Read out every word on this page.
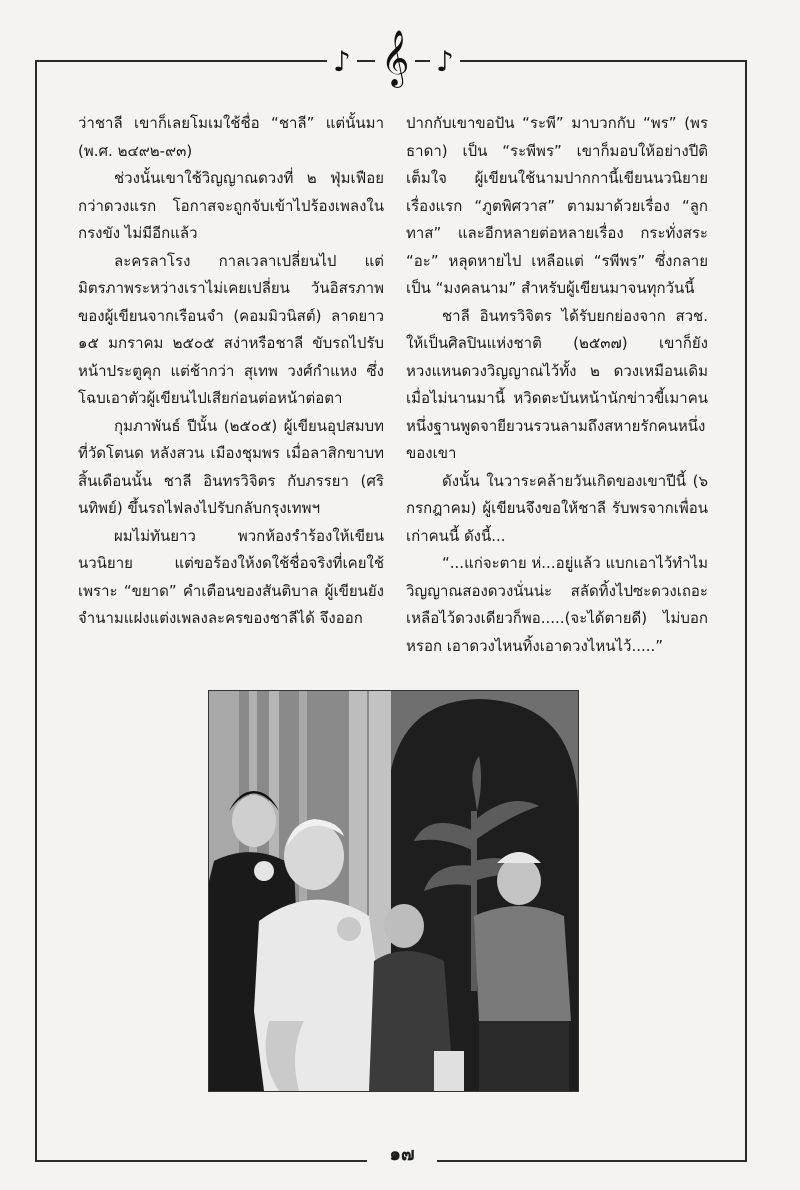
♪ 𝄞 ♪

ว่าชาลี เขาก็เลยโมเมใช้ชื่อ “ชาลี” แต่นั้นมา (พ.ศ. ๒๔๙๒-๙๓)

ช่วงนั้นเขาใช้วิญญาณดวงที่ ๒ ฟุ่มเฟือยกว่าดวงแรก โอกาสจะถูกจับเข้าไปร้องเพลงในกรงขัง ไม่มีอีกแล้ว

ละครลาโรง กาลเวลาเปลี่ยนไป แต่มิตรภาพระหว่างเราไม่เคยเปลี่ยน วันอิสรภาพของผู้เขียนจากเรือนจำ (คอมมิวนิสต์) ลาดยาว ๑๕ มกราคม ๒๕๐๕ สง่าหรือชาลี ขับรถไปรับหน้าประตูคุก แต่ช้ากว่า สุเทพ วงศ์กำแหง ซึ่งโฉบเอาตัวผู้เขียนไปเสียก่อนต่อหน้าต่อตา

กุมภาพันธ์ ปีนั้น (๒๕๐๕) ผู้เขียนอุปสมบทที่วัดโตนด หลังสวน เมืองชุมพร เมื่อลาสิกขาบท สิ้นเดือนนั้น ชาลี อินทรวิจิตร กับภรรยา (ศรินทิพย์) ขึ้นรถไฟลงไปรับกลับกรุงเทพฯ

ผมไม่ทันยาว พวกห้องรำร้องให้เขียนนวนิยาย แต่ขอร้องให้งดใช้ชื่อจริงที่เคยใช้ เพราะ “ขยาด” คำเตือนของสันติบาล ผู้เขียนยังจำนามแฝงแต่งเพลงละครของชาลีได้ จึงออก

ปากกับเขาขอปัน “ระพี” มาบวกกับ “พร” (พรธาดา) เป็น “ระพีพร” เขาก็มอบให้อย่างปีติเต็มใจ ผู้เขียนใช้นามปากกานี้เขียนนวนิยายเรื่องแรก “ภูตพิศวาส” ตามมาด้วยเรื่อง “ลูกทาส” และอีกหลายต่อหลายเรื่อง กระทั่งสระ “อะ” หลุดหายไป เหลือแต่ “รพีพร” ซึ่งกลายเป็น “มงคลนาม” สำหรับผู้เขียนมาจนทุกวันนี้

ชาลี อินทรวิจิตร ได้รับยกย่องจาก สวช. ให้เป็นศิลปินแห่งชาติ (๒๕๓๗) เขาก็ยังหวงแหนดวงวิญญาณไว้ทั้ง ๒ ดวงเหมือนเดิม เมื่อไม่นานมานี้ หวิดตะบันหน้านักข่าวขี้เมาคนหนึ่งฐานพูดจายียวนรวนลามถึงสหายรักคนหนึ่งของเขา

ดังนั้น ในวาระคล้ายวันเกิดของเขาปีนี้ (๖ กรกฎาคม) ผู้เขียนจึงขอให้ชาลี รับพรจากเพื่อนเก่าคนนี้ ดังนี้...

“...แก่จะตาย ห่...อยู่แล้ว แบกเอาไว้ทำไมวิญญาณสองดวงนั่นน่ะ สลัดทิ้งไปซะดวงเถอะ เหลือไว้ดวงเดียวก็พอ.....(จะได้ตายดี) ไม่บอกหรอก เอาดวงไหนทิ้งเอาดวงไหนไว้.....”

๑๗
